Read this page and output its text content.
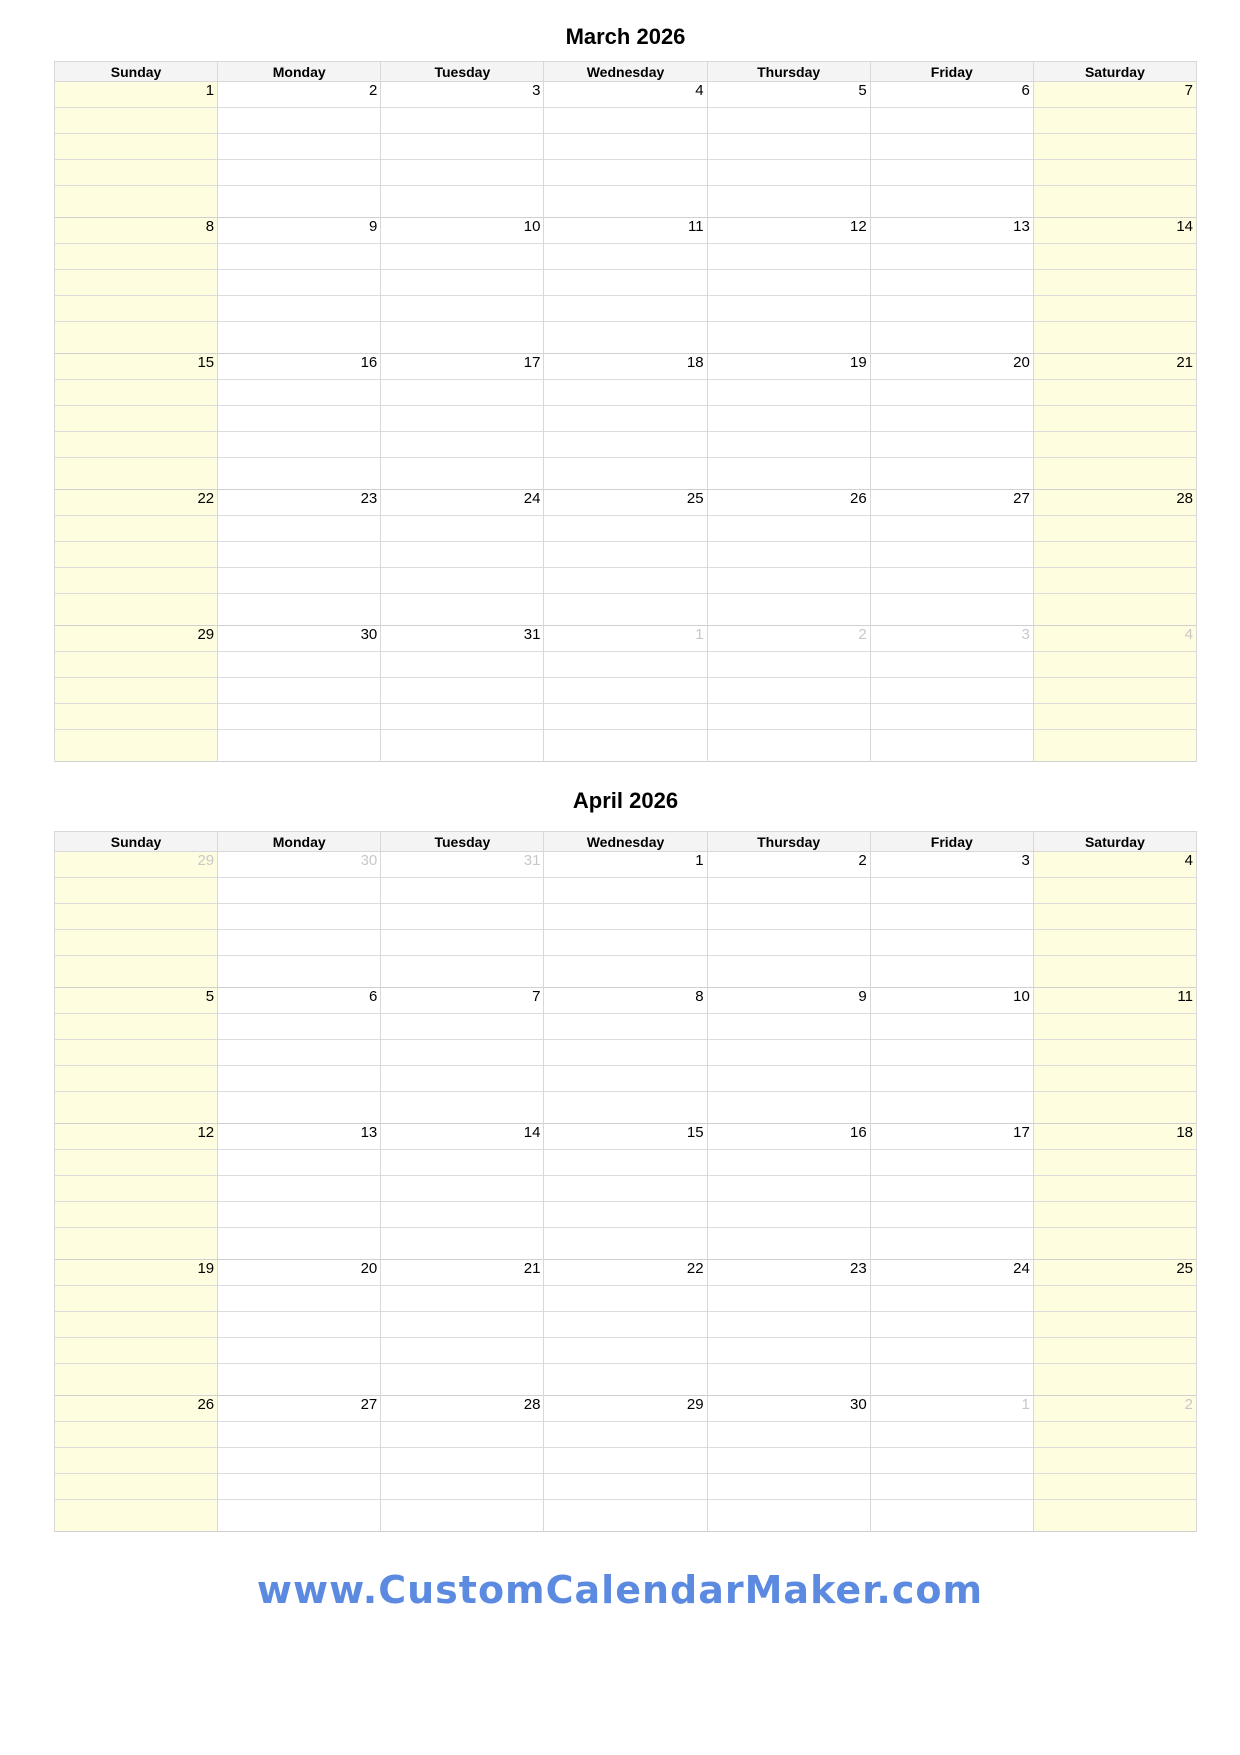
March 2026
Sunday	Monday	Tuesday	Wednesday	Thursday	Friday	Saturday
1	2	3	4	5	6	7

8	9	10	11	12	13	14

15	16	17	18	19	20	21

22	23	24	25	26	27	28

29	30	31	1	2	3	4

April 2026
Sunday	Monday	Tuesday	Wednesday	Thursday	Friday	Saturday
29	30	31	1	2	3	4

5	6	7	8	9	10	11

12	13	14	15	16	17	18

19	20	21	22	23	24	25

26	27	28	29	30	1	2

www.CustomCalendarMaker.com
